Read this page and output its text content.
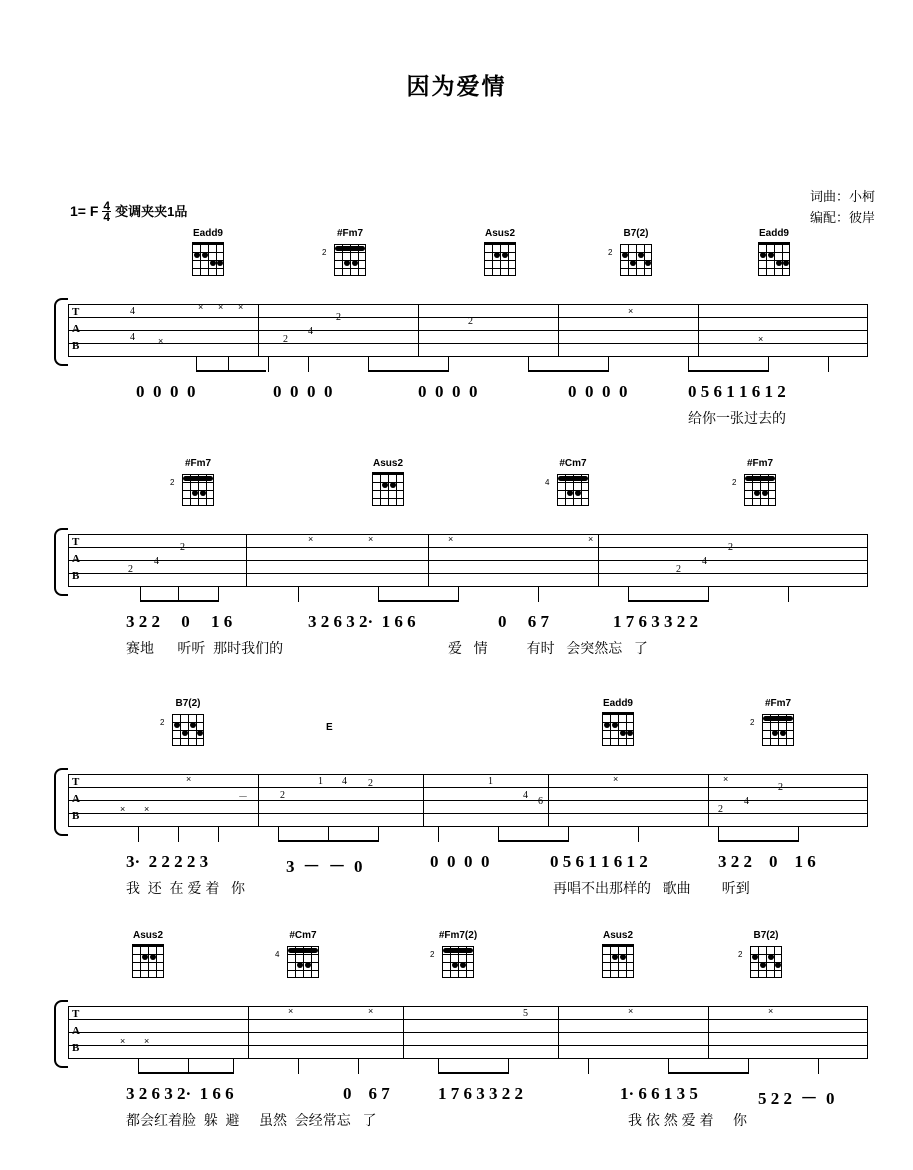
因为爱情
词曲：小柯
编配：彼岸
1= F $\frac{4}{4}$ 变调夹夹1品
Eadd9	#Fm7
2
Asus2	B7(2)
2
Eadd9
T
A
B
4
4
× × ×
×	2
4
2	2
×
×
0  0  0  0	0  0  0  0	0  0  0  0	0  0  0  0	0 5 6 1 1 6 1 2
给你一张过去的
#Fm7
2
Asus2	#Cm7
4
#Fm7
2
T
A
B
2
4
2
×	×	×	×
2
4
2
3 2 2     0     1 6	3 2 6 3 2·  1 6 6	0     6 7	1 7 6 3 3 2 2
赛地      听听  那时我们的	爱   情          有时   会突然忘   了
B7(2)
2	E
Eadd9	#Fm7
2
T
A
B
× ×
×
－	2
1 4 2	1
4
6
×	×
2
4
2
3·  2 2 2 2 3	3  －  －  0	0  0  0  0	0 5 6 1 1 6 1 2	3 2 2    0    1 6
我  还  在 爱 着   你	再唱不出那样的   歌曲        听到
Asus2	#Cm7
4
#Fm7(2)
2
Asus2	B7(2)
2
T
A
B
× ×
×	×	5	×	×
3 2 6 3 2·  1 6 6	0    6 7	1 7 6 3 3 2 2	1· 6 6 1 3 5	5 2 2  －  0
都会红着脸  躲  避     虽然  会经常忘   了	我 依 然 爱 着     你
